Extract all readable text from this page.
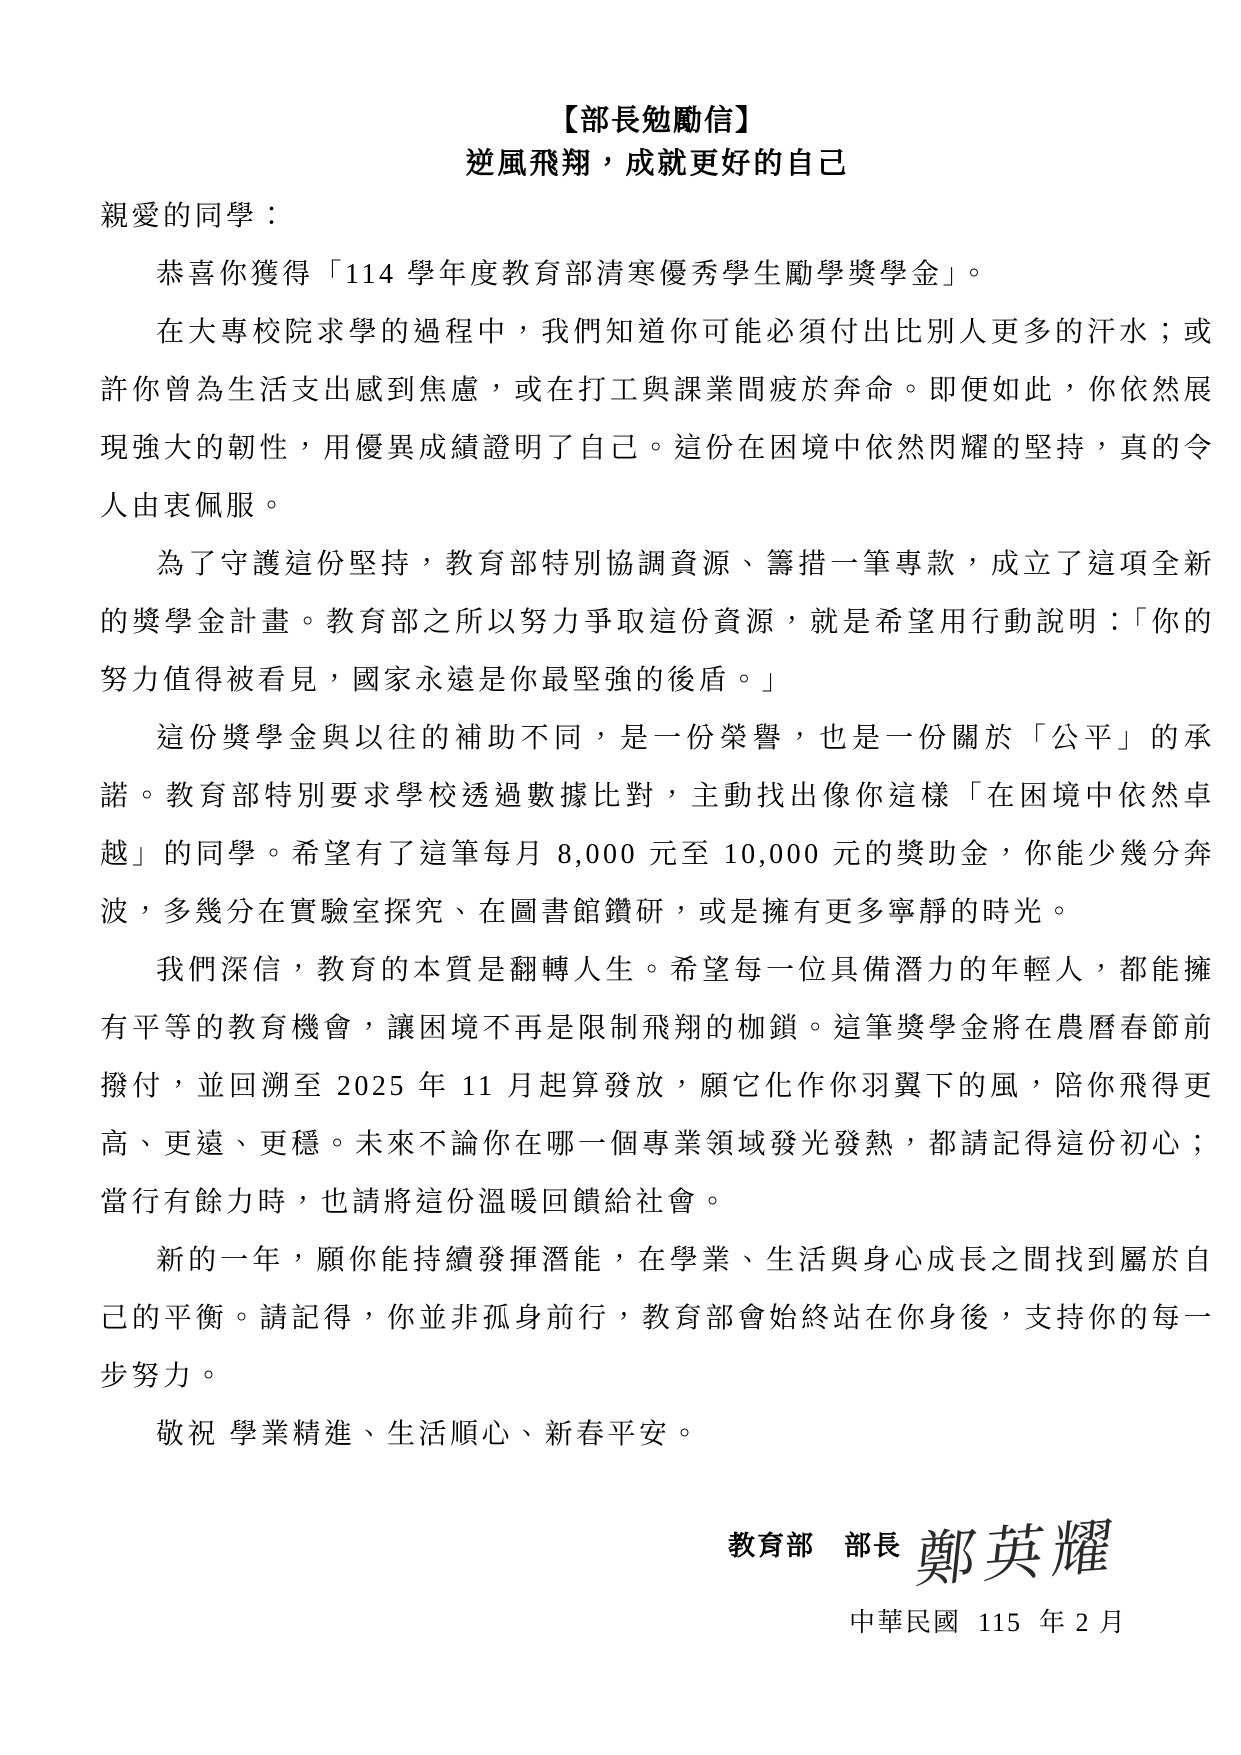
【部長勉勵信】
逆風飛翔，成就更好的自己

親愛的同學：

恭喜你獲得「114 學年度教育部清寒優秀學生勵學獎學金」。

在大專校院求學的過程中，我們知道你可能必須付出比別人更多的汗水；或許你曾為生活支出感到焦慮，或在打工與課業間疲於奔命。即便如此，你依然展現強大的韌性，用優異成績證明了自己。這份在困境中依然閃耀的堅持，真的令人由衷佩服。

為了守護這份堅持，教育部特別協調資源、籌措一筆專款，成立了這項全新的獎學金計畫。教育部之所以努力爭取這份資源，就是希望用行動說明：「你的努力值得被看見，國家永遠是你最堅強的後盾。」

這份獎學金與以往的補助不同，是一份榮譽，也是一份關於「公平」的承諾。教育部特別要求學校透過數據比對，主動找出像你這樣「在困境中依然卓越」的同學。希望有了這筆每月 8,000 元至 10,000 元的獎助金，你能少幾分奔波，多幾分在實驗室探究、在圖書館鑽研，或是擁有更多寧靜的時光。

我們深信，教育的本質是翻轉人生。希望每一位具備潛力的年輕人，都能擁有平等的教育機會，讓困境不再是限制飛翔的枷鎖。這筆獎學金將在農曆春節前撥付，並回溯至 2025 年 11 月起算發放，願它化作你羽翼下的風，陪你飛得更高、更遠、更穩。未來不論你在哪一個專業領域發光發熱，都請記得這份初心；當行有餘力時，也請將這份溫暖回饋給社會。

新的一年，願你能持續發揮潛能，在學業、生活與身心成長之間找到屬於自己的平衡。請記得，你並非孤身前行，教育部會始終站在你身後，支持你的每一步努力。

敬祝 學業精進、生活順心、新春平安。

教育部　部長 鄭英耀
中華民國  115  年 2 月
